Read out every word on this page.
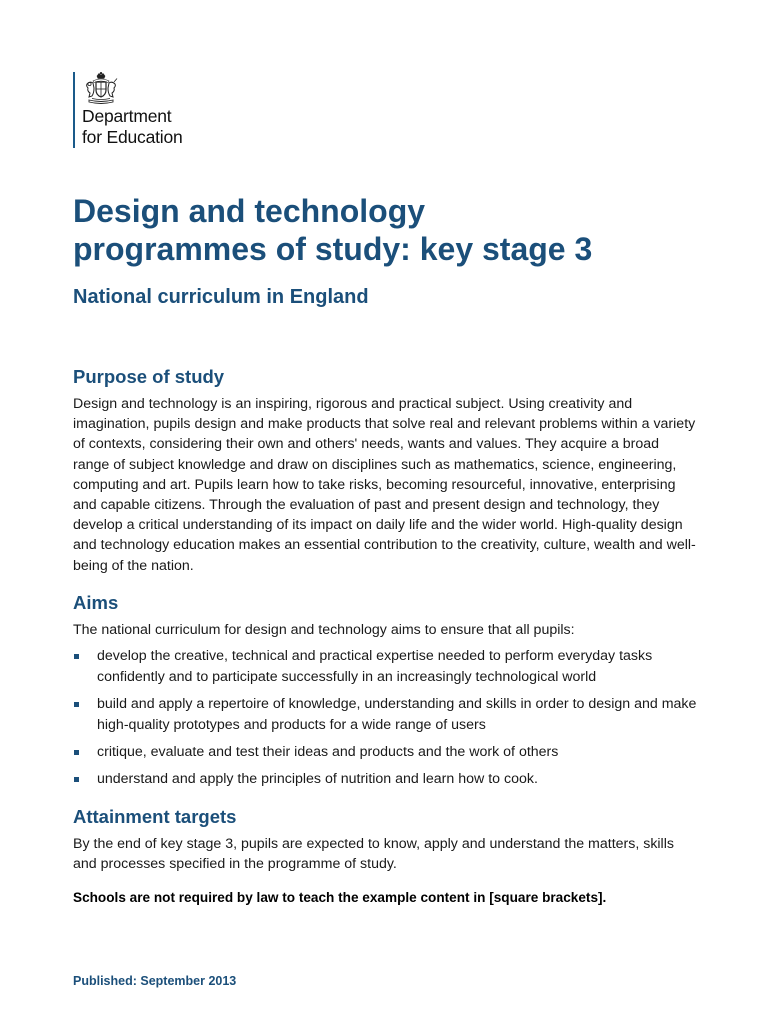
Department
for Education
Design and technology
programmes of study: key stage 3
National curriculum in England
Purpose of study

Design and technology is an inspiring, rigorous and practical subject. Using creativity and imagination, pupils design and make products that solve real and relevant problems within a variety of contexts, considering their own and others' needs, wants and values. They acquire a broad range of subject knowledge and draw on disciplines such as mathematics, science, engineering, computing and art. Pupils learn how to take risks, becoming resourceful, innovative, enterprising and capable citizens. Through the evaluation of past and present design and technology, they develop a critical understanding of its impact on daily life and the wider world. High-quality design and technology education makes an essential contribution to the creativity, culture, wealth and well-being of the nation.

Aims

The national curriculum for design and technology aims to ensure that all pupils:

develop the creative, technical and practical expertise needed to perform everyday tasks confidently and to participate successfully in an increasingly technological world
build and apply a repertoire of knowledge, understanding and skills in order to design and make high-quality prototypes and products for a wide range of users
critique, evaluate and test their ideas and products and the work of others
understand and apply the principles of nutrition and learn how to cook.
Attainment targets

By the end of key stage 3, pupils are expected to know, apply and understand the matters, skills and processes specified in the programme of study.

Schools are not required by law to teach the example content in [square brackets].

Published: September 2013
